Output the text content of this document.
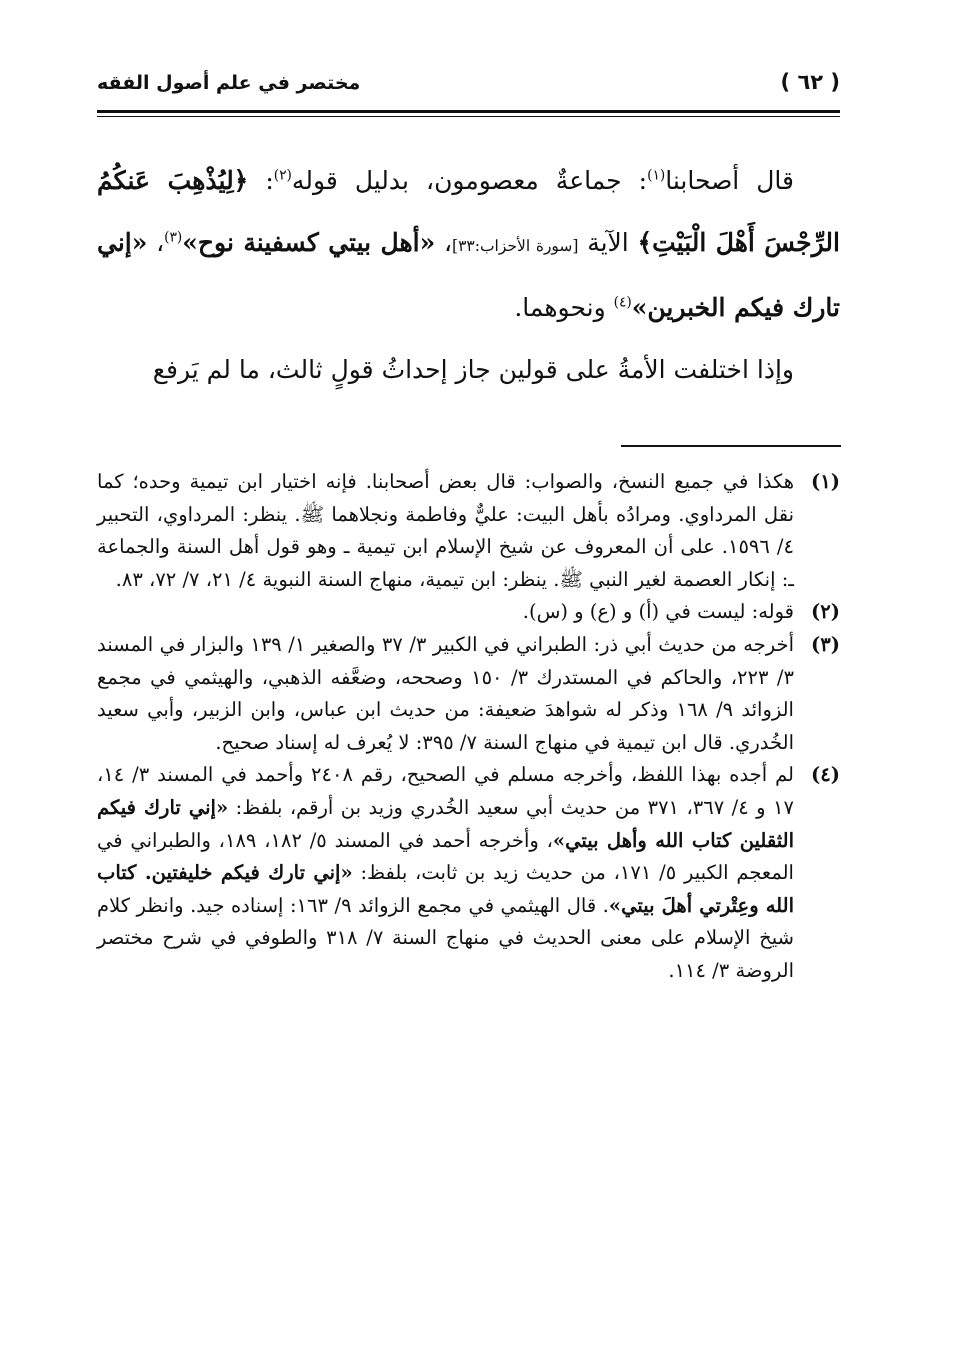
مختصر في علم أصول الفقه	( ٦٢ )

قال أصحابنا$^{(١)}$: جماعةٌ معصومون، بدليل قوله$^{(٢)}$: ﴿لِيُذْهِبَ عَنكُمُ الرِّجْسَ أَهْلَ الْبَيْتِ﴾ الآية [سورة الأحزاب:٣٣]، «أهل بيتي كسفينة نوح»$^{(٣)}$، «إني تارك فيكم الخبرين»$^{(٤)}$ ونحوهما.

وإذا اختلفت الأمةُ على قولين جاز إحداثُ قولٍ ثالث، ما لم يَرفع

(١)
هكذا في جميع النسخ، والصواب: قال بعض أصحابنا. فإنه اختيار ابن تيمية وحده؛ كما نقل المرداوي. ومرادُه بأهل البيت: عليٌّ وفاطمة ونجلاهما ﷺ. ينظر: المرداوي، التحبير ٤/ ١٥٩٦. على أن المعروف عن شيخ الإسلام ابن تيمية ـ وهو قول أهل السنة والجماعة ـ: إنكار العصمة لغير النبي ﷺ. ينظر: ابن تيمية، منهاج السنة النبوية ٤/ ٢١، ٧/ ٧٢، ٨٣.
(٢)
قوله: ليست في (أ) و (ع) و (س).
(٣)
أخرجه من حديث أبي ذر: الطبراني في الكبير ٣/ ٣٧ والصغير ١/ ١٣٩ والبزار في المسند ٣/ ٢٢٣، والحاكم في المستدرك ٣/ ١٥٠ وصححه، وضعَّفه الذهبي، والهيثمي في مجمع الزوائد ٩/ ١٦٨ وذكر له شواهدَ ضعيفة: من حديث ابن عباس، وابن الزبير، وأبي سعيد الخُدري. قال ابن تيمية في منهاج السنة ٧/ ٣٩٥: لا يُعرف له إسناد صحيح.
(٤)
لم أجده بهذا اللفظ، وأخرجه مسلم في الصحيح، رقم ٢٤٠٨ وأحمد في المسند ٣/ ١٤، ١٧ و ٤/ ٣٦٧، ٣٧١ من حديث أبي سعيد الخُدري وزيد بن أرقم، بلفظ: «إني تارك فيكم الثقلين كتاب الله وأهل بيتي»، وأخرجه أحمد في المسند ٥/ ١٨٢، ١٨٩، والطبراني في المعجم الكبير ٥/ ١٧١، من حديث زيد بن ثابت، بلفظ: «إني تارك فيكم خليفتين. كتاب الله وعِتْرتي أهلَ بيتي». قال الهيثمي في مجمع الزوائد ٩/ ١٦٣: إسناده جيد. وانظر كلام شيخ الإسلام على معنى الحديث في منهاج السنة ٧/ ٣١٨ والطوفي في شرح مختصر الروضة ٣/ ١١٤.
